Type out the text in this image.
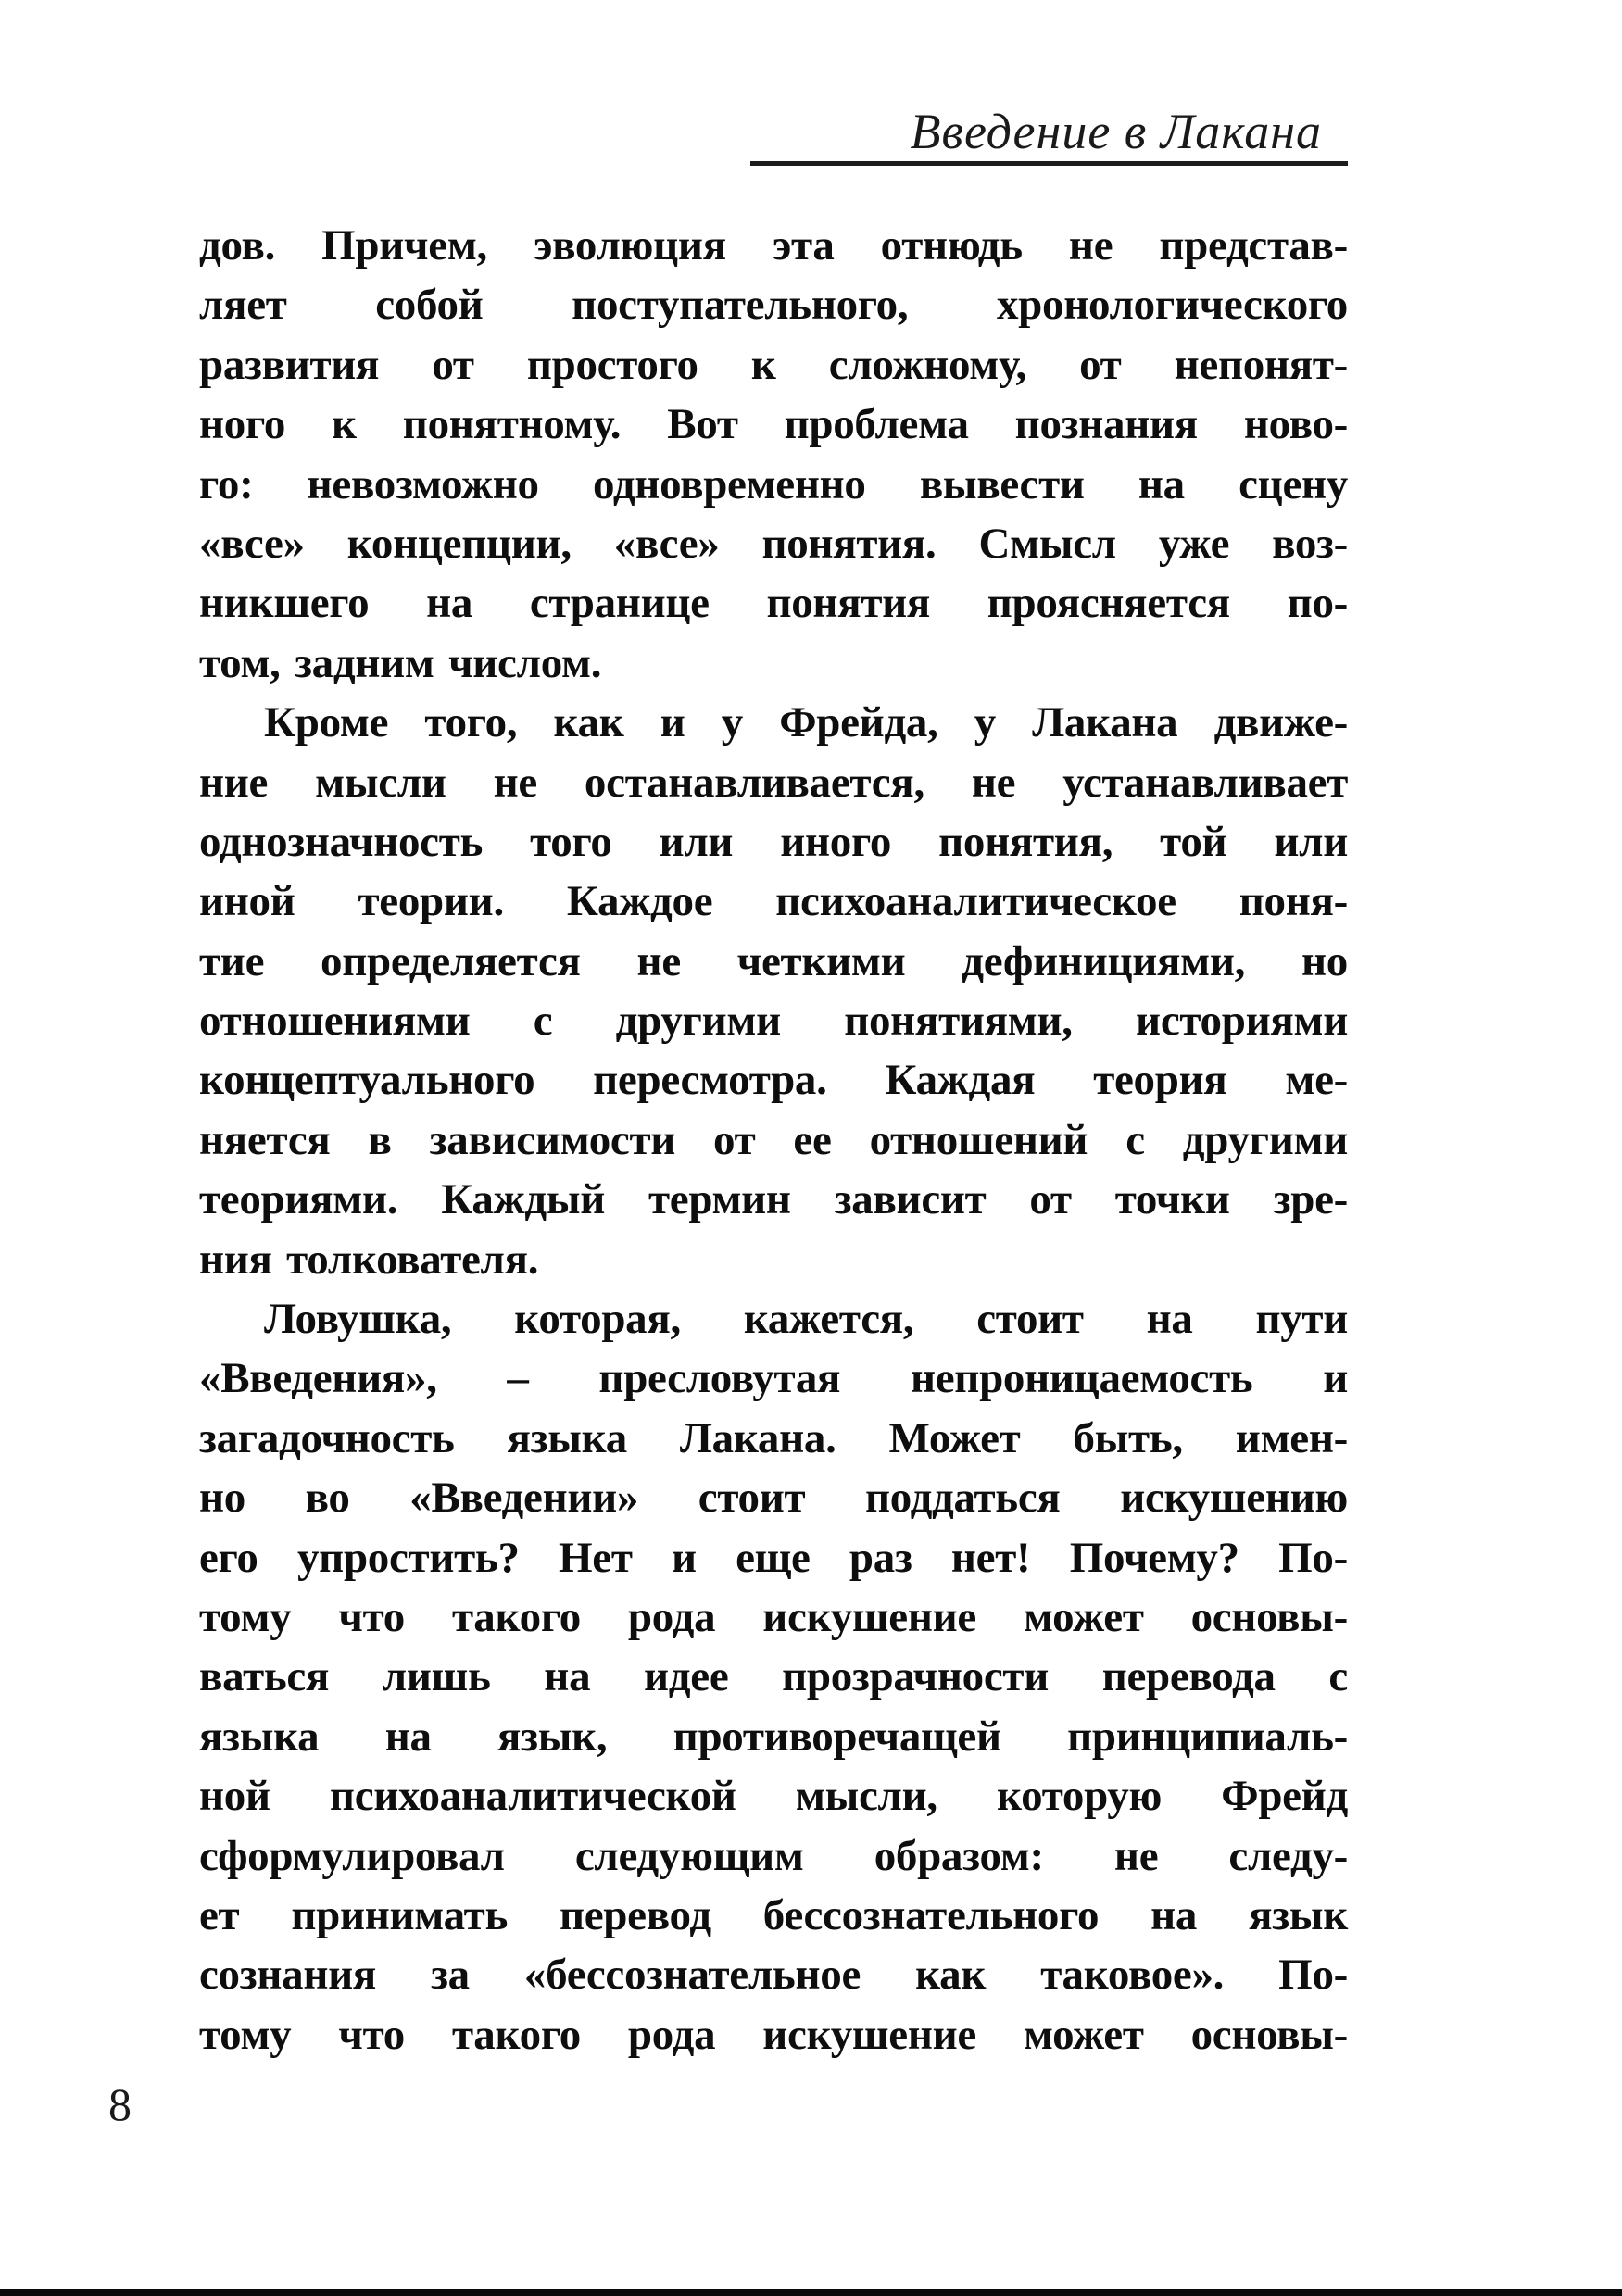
Введение в Лакана
дов. Причем, эволюция эта отнюдь не представ-
ляет собой поступательного, хронологического
развития от простого к сложному, от непонят-
ного к понятному. Вот проблема познания ново-
го: невозможно одновременно вывести на сцену
«все» концепции, «все» понятия. Смысл уже воз-
никшего на странице понятия проясняется по-
том, задним числом.
Кроме того, как и у Фрейда, у Лакана движе-
ние мысли не останавливается, не устанавливает
однозначность того или иного понятия, той или
иной теории. Каждое психоаналитическое поня-
тие определяется не четкими дефинициями, но
отношениями с другими понятиями, историями
концептуального пересмотра. Каждая теория ме-
няется в зависимости от ее отношений с другими
теориями. Каждый термин зависит от точки зре-
ния толкователя.
Ловушка, которая, кажется, стоит на пути
«Введения», – пресловутая непроницаемость и
загадочность языка Лакана. Может быть, имен-
но во «Введении» стоит поддаться искушению
его упростить? Нет и еще раз нет! Почему? По-
тому что такого рода искушение может основы-
ваться лишь на идее прозрачности перевода с
языка на язык, противоречащей принципиаль-
ной психоаналитической мысли, которую Фрейд
сформулировал следующим образом: не следу-
ет принимать перевод бессознательного на язык
сознания за «бессознательное как таковое». По-
тому что такого рода искушение может основы-
8
